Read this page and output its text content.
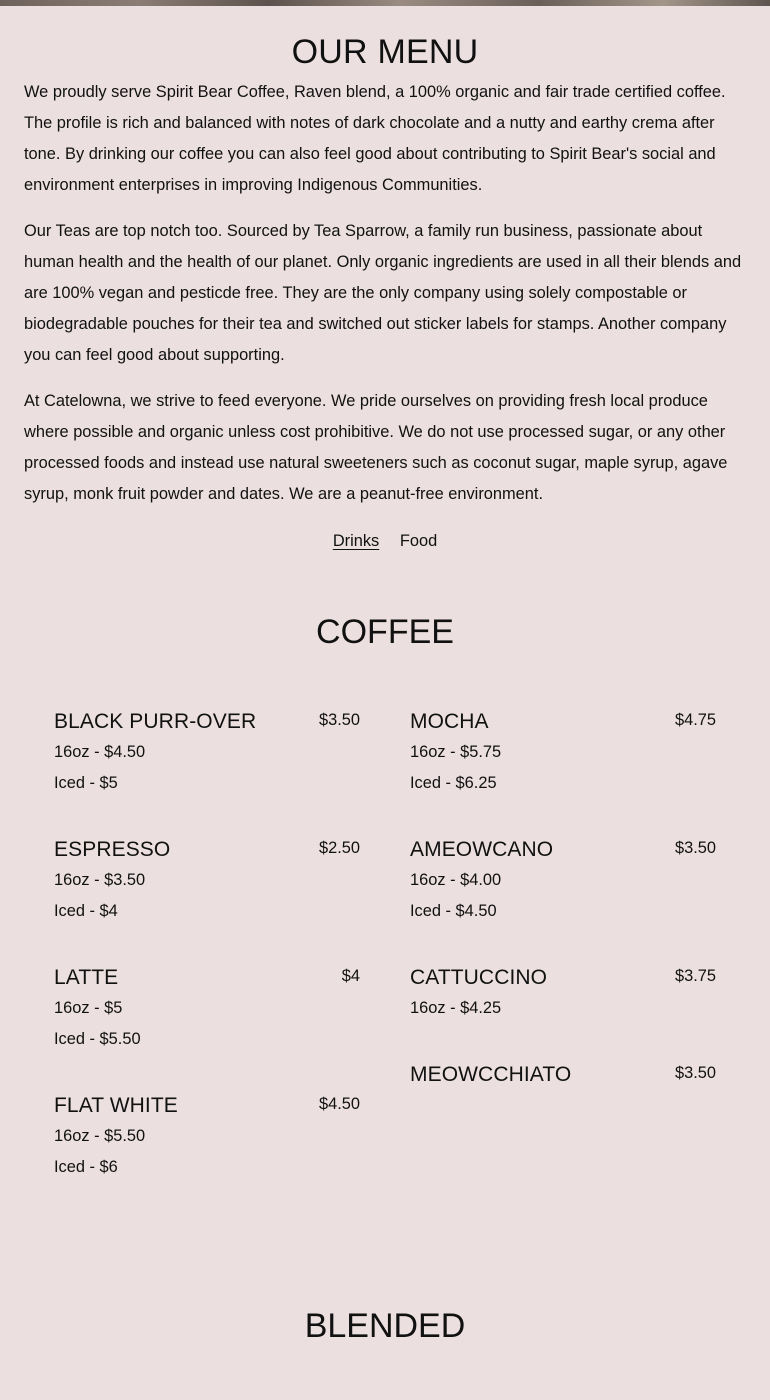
OUR MENU

We proudly serve Spirit Bear Coffee, Raven blend, a 100% organic and fair trade certified coffee. The profile is rich and balanced with notes of dark chocolate and a nutty and earthy crema after tone. By drinking our coffee you can also feel good about contributing to Spirit Bear's social and environment enterprises in improving Indigenous Communities.

Our Teas are top notch too. Sourced by Tea Sparrow, a family run business, passionate about human health and the health of our planet. Only organic ingredients are used in all their blends and are 100% vegan and pesticde free. They are the only company using solely compostable or biodegradable pouches for their tea and switched out sticker labels for stamps. Another company you can feel good about supporting.

At Catelowna, we strive to feed everyone. We pride ourselves on providing fresh local produce where possible and organic unless cost prohibitive. We do not use processed sugar, or any other processed foods and instead use natural sweeteners such as coconut sugar, maple syrup, agave syrup, monk fruit powder and dates. We are a peanut-free environment.

Drinks Food
COFFEE
BLACK PURR-OVER	$3.50
16oz - $4.50
Iced - $5
ESPRESSO	$2.50
16oz - $3.50
Iced - $4
LATTE	$4
16oz - $5
Iced - $5.50
FLAT WHITE	$4.50
16oz - $5.50
Iced - $6
MOCHA	$4.75
16oz - $5.75
Iced - $6.25
AMEOWCANO	$3.50
16oz - $4.00
Iced - $4.50
CATTUCCINO	$3.75
16oz - $4.25
MEOWCCHIATO	$3.50
BLENDED
